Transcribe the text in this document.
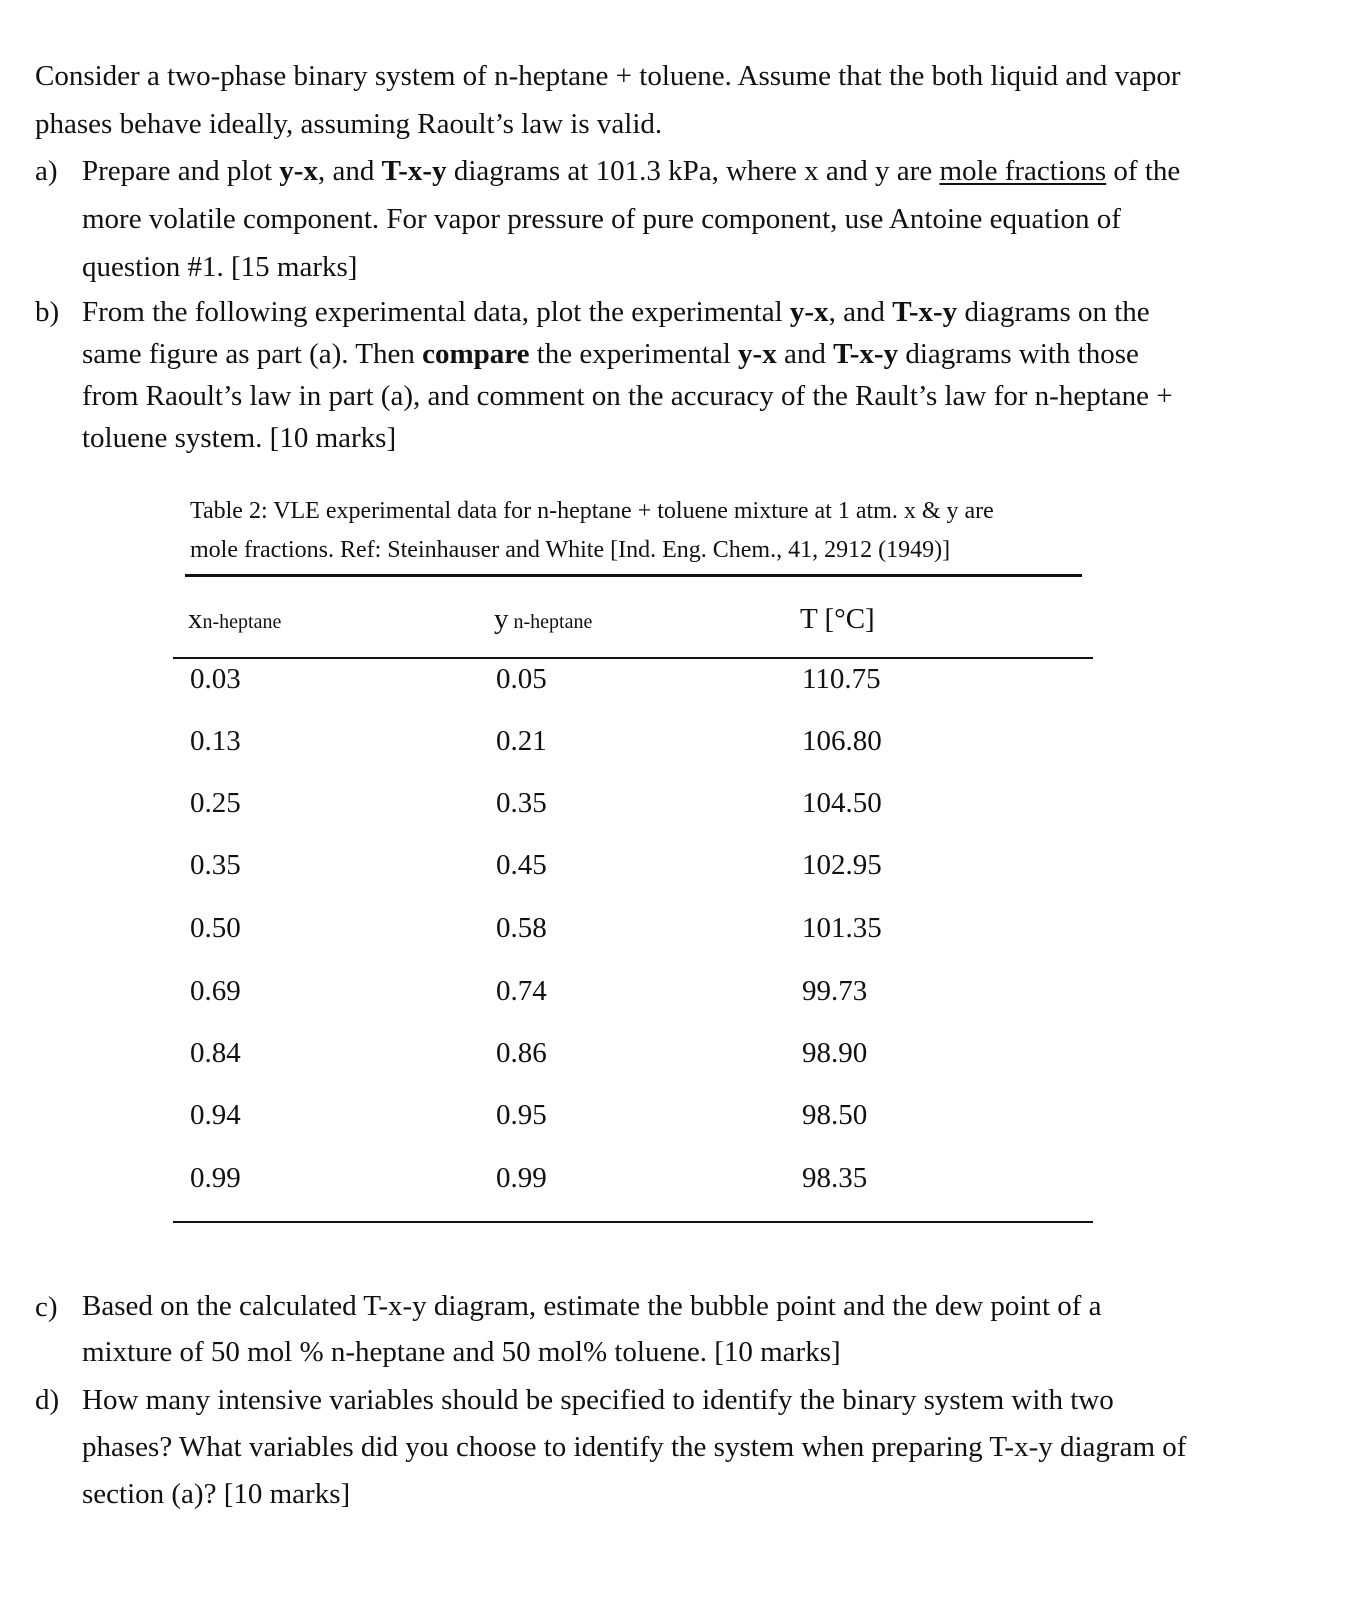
Consider a two-phase binary system of n-heptane + toluene. Assume that the both liquid and vapor
phases behave ideally, assuming Raoult’s law is valid.
a) Prepare and plot y-x, and T-x-y diagrams at 101.3 kPa, where x and y are mole fractions of the
more volatile component. For vapor pressure of pure component, use Antoine equation of
question #1. [15 marks]
b) From the following experimental data, plot the experimental y-x, and T-x-y diagrams on the
same figure as part (a). Then compare the experimental y-x and T-x-y diagrams with those
from Raoult’s law in part (a), and comment on the accuracy of the Rault’s law for n-heptane +
toluene system. [10 marks]
Table 2: VLE experimental data for n-heptane + toluene mixture at 1 atm. x & y are
mole fractions. Ref: Steinhauser and White [Ind. Eng. Chem., 41, 2912 (1949)]
xn-heptane	y n-heptane	T [°C]
0.03	0.05	110.75
0.13	0.21	106.80
0.25	0.35	104.50
0.35	0.45	102.95
0.50	0.58	101.35
0.69	0.74	99.73
0.84	0.86	98.90
0.94	0.95	98.50
0.99	0.99	98.35
c) Based on the calculated T-x-y diagram, estimate the bubble point and the dew point of a
mixture of 50 mol % n-heptane and 50 mol% toluene. [10 marks]
d) How many intensive variables should be specified to identify the binary system with two
phases? What variables did you choose to identify the system when preparing T-x-y diagram of
section (a)? [10 marks]
